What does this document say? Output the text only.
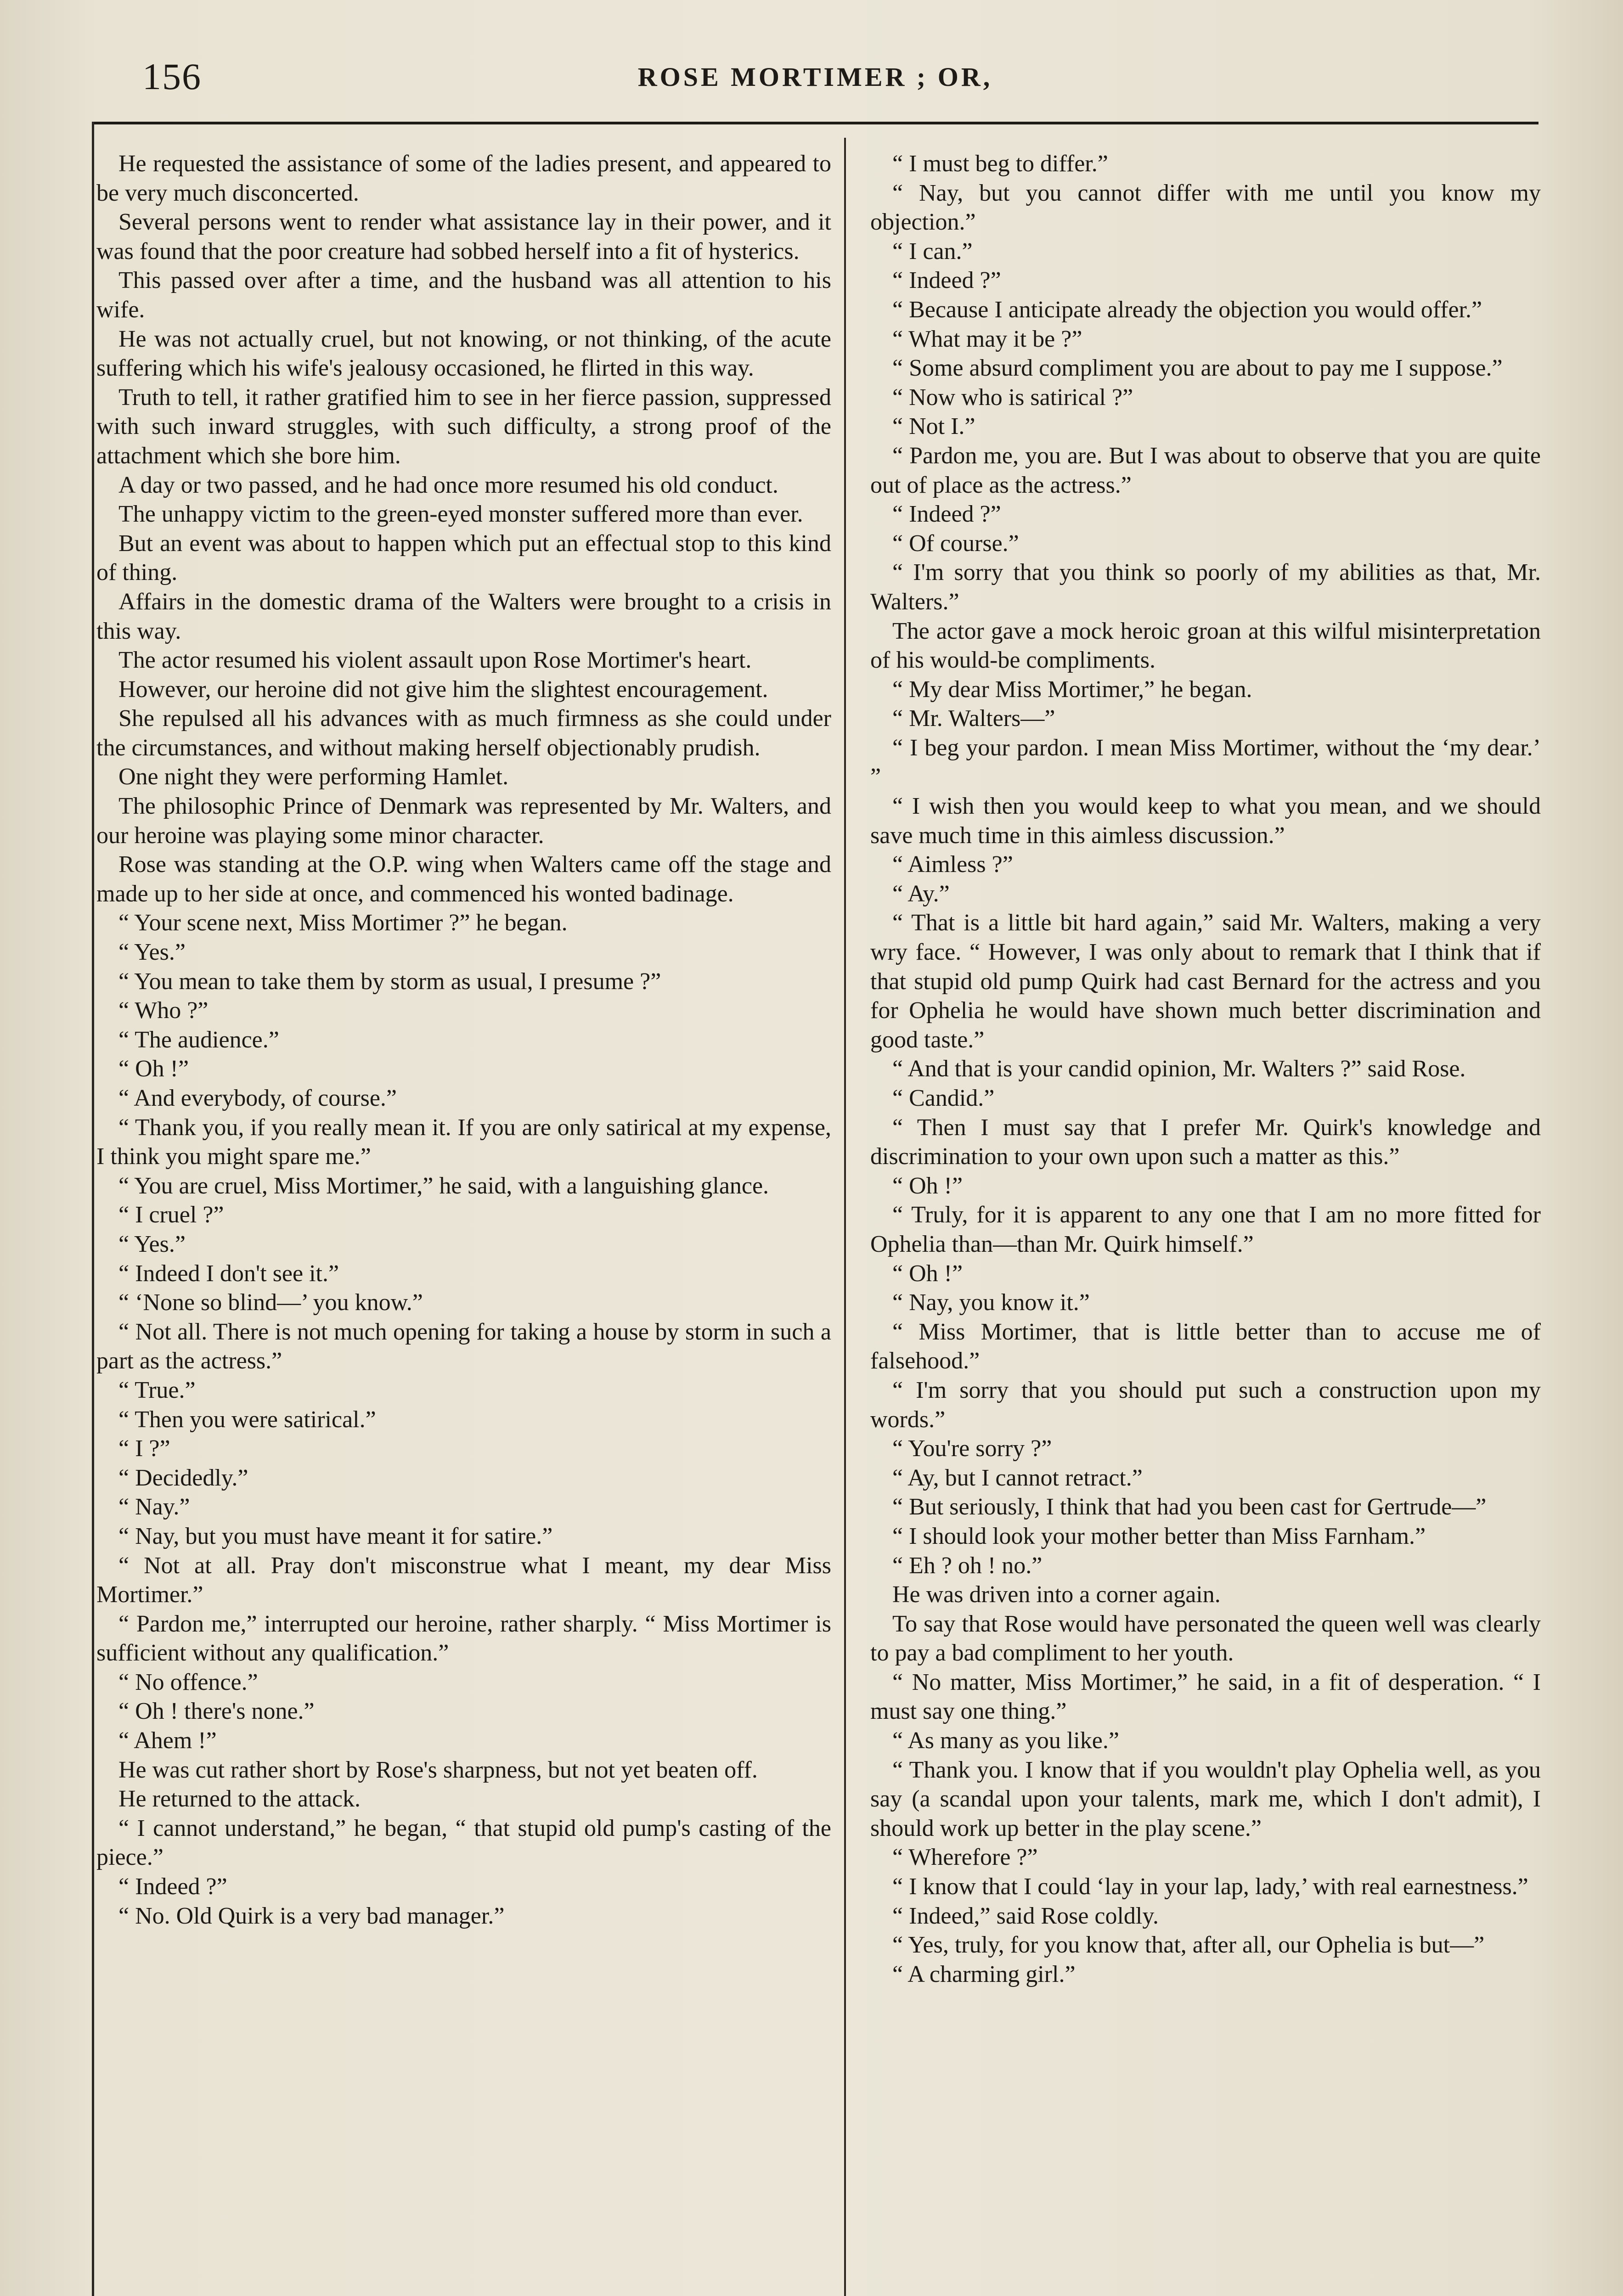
156	ROSE MORTIMER ; OR,

He requested the assistance of some of the ladies present, and appeared to be very much disconcerted.

Several persons went to render what assistance lay in their power, and it was found that the poor creature had sobbed herself into a fit of hysterics.

This passed over after a time, and the husband was all attention to his wife.

He was not actually cruel, but not knowing, or not thinking, of the acute suffering which his wife's jealousy occasioned, he flirted in this way.

Truth to tell, it rather gratified him to see in her fierce passion, suppressed with such inward struggles, with such difficulty, a strong proof of the attachment which she bore him.

A day or two passed, and he had once more resumed his old conduct.

The unhappy victim to the green-eyed monster suffered more than ever.

But an event was about to happen which put an effectual stop to this kind of thing.

Affairs in the domestic drama of the Walters were brought to a crisis in this way.

The actor resumed his violent assault upon Rose Mortimer's heart.

However, our heroine did not give him the slightest encouragement.

She repulsed all his advances with as much firmness as she could under the circumstances, and without making herself objectionably prudish.

One night they were performing Hamlet.

The philosophic Prince of Denmark was represented by Mr. Walters, and our heroine was playing some minor character.

Rose was standing at the O.P. wing when Walters came off the stage and made up to her side at once, and commenced his wonted badinage.

“ Your scene next, Miss Mortimer ?” he began.

“ Yes.”

“ You mean to take them by storm as usual, I presume ?”

“ Who ?”

“ The audience.”

“ Oh !”

“ And everybody, of course.”

“ Thank you, if you really mean it. If you are only satirical at my expense, I think you might spare me.”

“ You are cruel, Miss Mortimer,” he said, with a languishing glance.

“ I cruel ?”

“ Yes.”

“ Indeed I don't see it.”

“ ‘None so blind—’ you know.”

“ Not all. There is not much opening for taking a house by storm in such a part as the actress.”

“ True.”

“ Then you were satirical.”

“ I ?”

“ Decidedly.”

“ Nay.”

“ Nay, but you must have meant it for satire.”

“ Not at all. Pray don't misconstrue what I meant, my dear Miss Mortimer.”

“ Pardon me,” interrupted our heroine, rather sharply. “ Miss Mortimer is sufficient without any qualification.”

“ No offence.”

“ Oh ! there's none.”

“ Ahem !”

He was cut rather short by Rose's sharpness, but not yet beaten off.

He returned to the attack.

“ I cannot understand,” he began, “ that stupid old pump's casting of the piece.”

“ Indeed ?”

“ No. Old Quirk is a very bad manager.”

“ I must beg to differ.”

“ Nay, but you cannot differ with me until you know my objection.”

“ I can.”

“ Indeed ?”

“ Because I anticipate already the objection you would offer.”

“ What may it be ?”

“ Some absurd compliment you are about to pay me I suppose.”

“ Now who is satirical ?”

“ Not I.”

“ Pardon me, you are. But I was about to observe that you are quite out of place as the actress.”

“ Indeed ?”

“ Of course.”

“ I'm sorry that you think so poorly of my abilities as that, Mr. Walters.”

The actor gave a mock heroic groan at this wilful misinterpretation of his would-be compliments.

“ My dear Miss Mortimer,” he began.

“ Mr. Walters—”

“ I beg your pardon. I mean Miss Mortimer, without the ‘my dear.’ ”

“ I wish then you would keep to what you mean, and we should save much time in this aimless discussion.”

“ Aimless ?”

“ Ay.”

“ That is a little bit hard again,” said Mr. Walters, making a very wry face. “ However, I was only about to remark that I think that if that stupid old pump Quirk had cast Bernard for the actress and you for Ophelia he would have shown much better discrimination and good taste.”

“ And that is your candid opinion, Mr. Walters ?” said Rose.

“ Candid.”

“ Then I must say that I prefer Mr. Quirk's knowledge and discrimination to your own upon such a matter as this.”

“ Oh !”

“ Truly, for it is apparent to any one that I am no more fitted for Ophelia than—than Mr. Quirk himself.”

“ Oh !”

“ Nay, you know it.”

“ Miss Mortimer, that is little better than to accuse me of falsehood.”

“ I'm sorry that you should put such a construction upon my words.”

“ You're sorry ?”

“ Ay, but I cannot retract.”

“ But seriously, I think that had you been cast for Gertrude—”

“ I should look your mother better than Miss Farnham.”

“ Eh ? oh ! no.”

He was driven into a corner again.

To say that Rose would have personated the queen well was clearly to pay a bad compliment to her youth.

“ No matter, Miss Mortimer,” he said, in a fit of desperation. “ I must say one thing.”

“ As many as you like.”

“ Thank you. I know that if you wouldn't play Ophelia well, as you say (a scandal upon your talents, mark me, which I don't admit), I should work up better in the play scene.”

“ Wherefore ?”

“ I know that I could ‘lay in your lap, lady,’ with real earnestness.”

“ Indeed,” said Rose coldly.

“ Yes, truly, for you know that, after all, our Ophelia is but—”

“ A charming girl.”
